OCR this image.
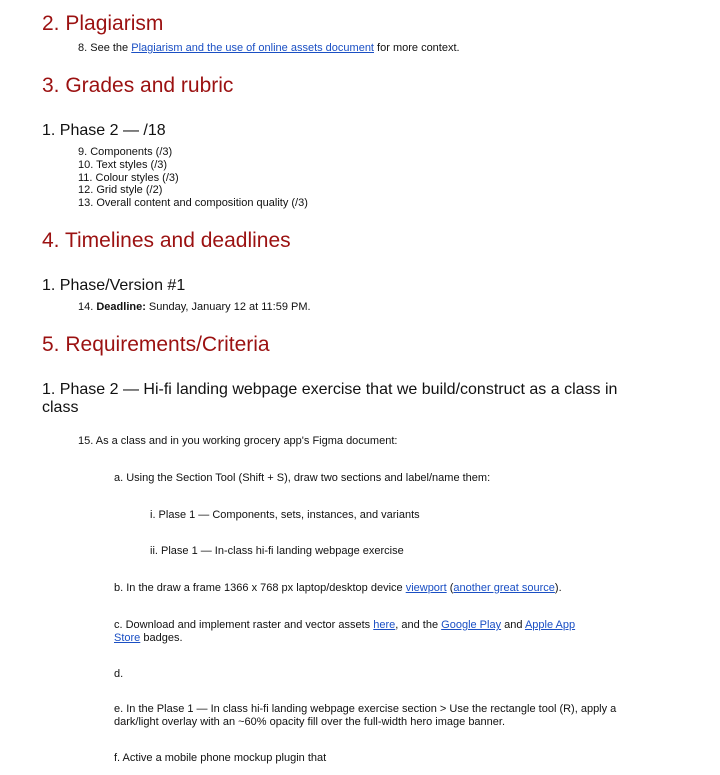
2. Plagiarism
8. See the Plagiarism and the use of online assets document for more context.
3. Grades and rubric
1. Phase 2 — /18
9. Components (/3)
10. Text styles (/3)
11. Colour styles (/3)
12. Grid style (/2)
13. Overall content and composition quality (/3)
4. Timelines and deadlines
1. Phase/Version #1
14. Deadline: Sunday, January 12 at 11:59 PM.
5. Requirements/Criteria
1. Phase 2 — Hi-fi landing webpage exercise that we build/construct as a class in class
15. As a class and in you working grocery app's Figma document:
a. Using the Section Tool (Shift + S), draw two sections and label/name them:
i. Plase 1 — Components, sets, instances, and variants
ii. Plase 1 — In-class hi-fi landing webpage exercise
b. In the draw a frame 1366 x 768 px laptop/desktop device viewport (another great source).
c. Download and implement raster and vector assets here, and the Google Play and Apple App Store badges.
d.
e. In the Plase 1 — In class hi-fi landing webpage exercise section > Use the rectangle tool (R), apply a dark/light overlay with an ~60% opacity fill over the full-width hero image banner.
f. Active a mobile phone mockup plugin that
